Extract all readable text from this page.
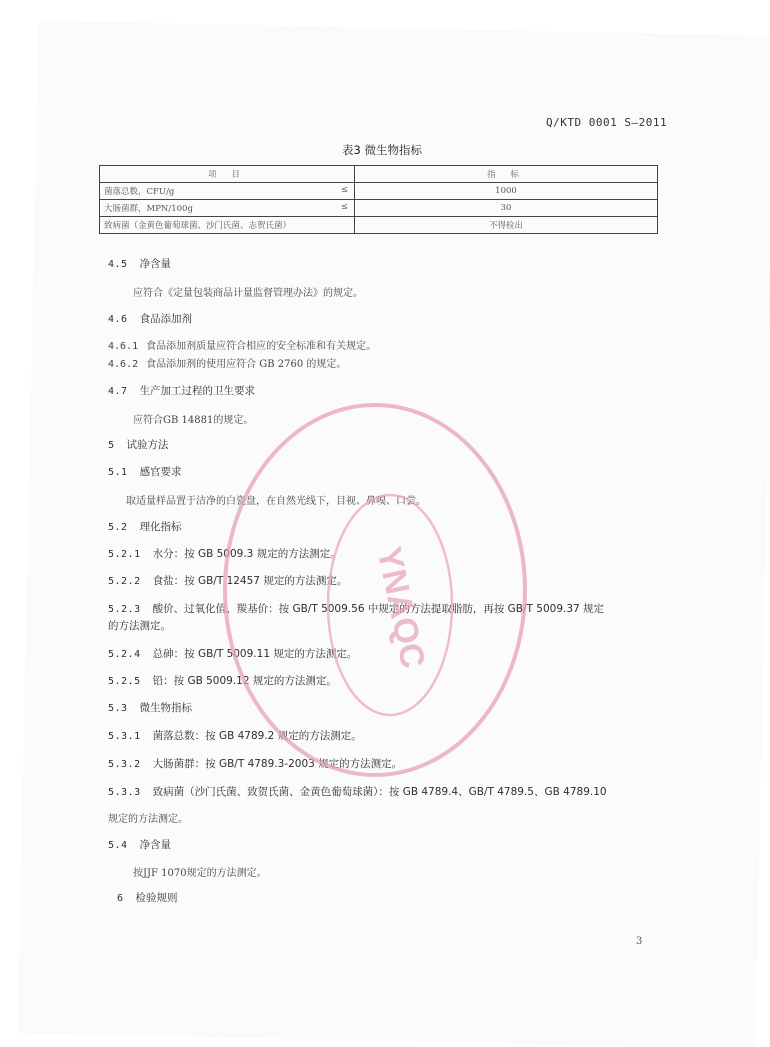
Q/KTD 0001 S—2011
表3 微生物指标
项 目	指 标
菌落总数，CFU/g ≤	1000
大肠菌群，MPN/100g ≤	30
致病菌（金黄色葡萄球菌、沙门氏菌、志贺氏菌）	不得检出
4.5 净含量
应符合《定量包装商品计量监督管理办法》的规定。
4.6 食品添加剂
4.6.1 食品添加剂质量应符合相应的安全标准和有关规定。
4.6.2 食品添加剂的使用应符合 GB 2760 的规定。
4.7 生产加工过程的卫生要求
应符合GB 14881的规定。
5 试验方法
5.1 感官要求
取适量样品置于洁净的白瓷盘，在自然光线下，目视、鼻嗅、口尝。
5.2 理化指标
5.2.1 水分：按 GB 5009.3 规定的方法测定。
5.2.2 食盐：按 GB/T 12457 规定的方法测定。
5.2.3 酸价、过氧化值、羰基价：按 GB/T 5009.56 中规定的方法提取脂肪，再按 GB/T 5009.37 规定
的方法测定。
5.2.4 总砷：按 GB/T 5009.11 规定的方法测定。
5.2.5 铅：按 GB 5009.12 规定的方法测定。
5.3 微生物指标
5.3.1 菌落总数：按 GB 4789.2 规定的方法测定。
5.3.2 大肠菌群：按 GB/T 4789.3-2003 规定的方法测定。
5.3.3 致病菌（沙门氏菌、致贺氏菌、金黄色葡萄球菌）：按 GB 4789.4、GB/T 4789.5、GB 4789.10
规定的方法测定。
5.4 净含量
按JJF 1070规定的方法测定。
6 检验规则
YNAQC
3
